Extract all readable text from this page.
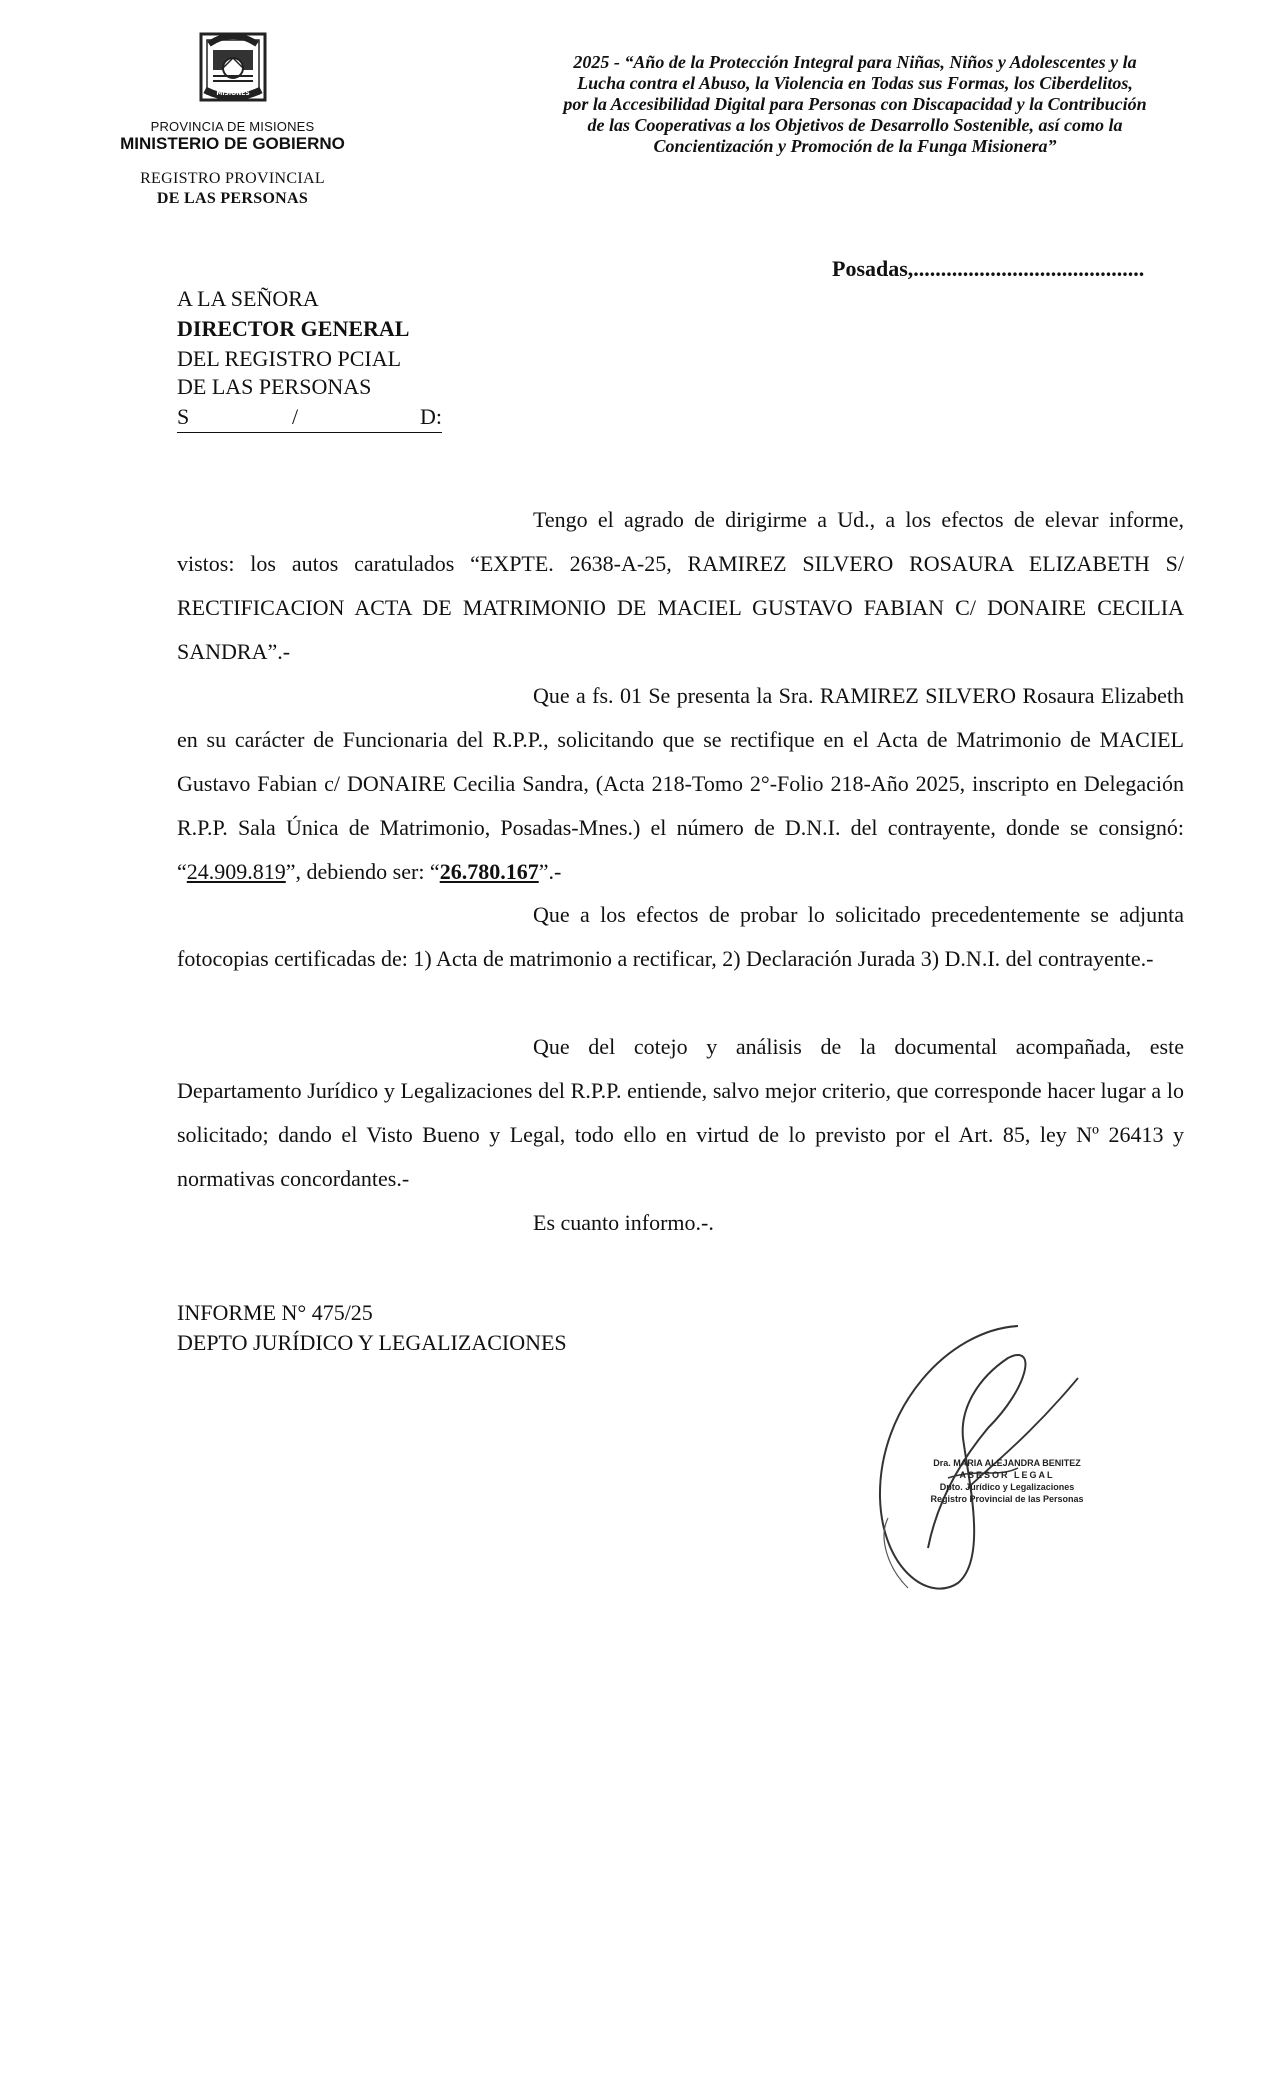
MISIONES
PROVINCIA DE MISIONES
MINISTERIO DE GOBIERNO
REGISTRO PROVINCIAL
DE LAS PERSONAS
2025 - “Año de la Protección Integral para Niñas, Niños y Adolescentes y la
Lucha contra el Abuso, la Violencia en Todas sus Formas, los Ciberdelitos,
por la Accesibilidad Digital para Personas con Discapacidad y la Contribución
de las Cooperativas a los Objetivos de Desarrollo Sostenible, así como la
Concientización y Promoción de la Funga Misionera”
Posadas,..........................................
A LA SEÑORA
DIRECTOR GENERAL
DEL REGISTRO PCIAL
DE LAS PERSONAS
S	/	D:
Tengo el agrado de dirigirme a Ud., a los efectos de elevar informe, vistos: los autos caratulados “EXPTE. 2638-A-25, RAMIREZ SILVERO ROSAURA ELIZABETH S/ RECTIFICACION ACTA DE MATRIMONIO DE MACIEL GUSTAVO FABIAN C/ DONAIRE CECILIA SANDRA”.-
Que a fs. 01 Se presenta la Sra. RAMIREZ SILVERO Rosaura Elizabeth en su carácter de Funcionaria del R.P.P., solicitando que se rectifique en el Acta de Matrimonio de MACIEL Gustavo Fabian c/ DONAIRE Cecilia Sandra, (Acta 218-Tomo 2°-Folio 218-Año 2025, inscripto en Delegación R.P.P. Sala Única de Matrimonio, Posadas-Mnes.) el número de D.N.I. del contrayente, donde se consignó: “24.909.819”, debiendo ser: “26.780.167”.-
Que a los efectos de probar lo solicitado precedentemente se adjunta fotocopias certificadas de: 1) Acta de matrimonio a rectificar, 2) Declaración Jurada 3) D.N.I. del contrayente.-
Que del cotejo y análisis de la documental acompañada, este Departamento Jurídico y Legalizaciones del R.P.P. entiende, salvo mejor criterio, que corresponde hacer lugar a lo solicitado; dando el Visto Bueno y Legal, todo ello en virtud de lo previsto por el Art. 85, ley Nº 26413 y normativas concordantes.-
Es cuanto informo.-.
INFORME N° 475/25
DEPTO JURÍDICO Y LEGALIZACIONES
Dra. MARIA ALEJANDRA BENITEZ
ASESOR LEGAL
Dpto. Jurídico y Legalizaciones
Registro Provincial de las Personas
